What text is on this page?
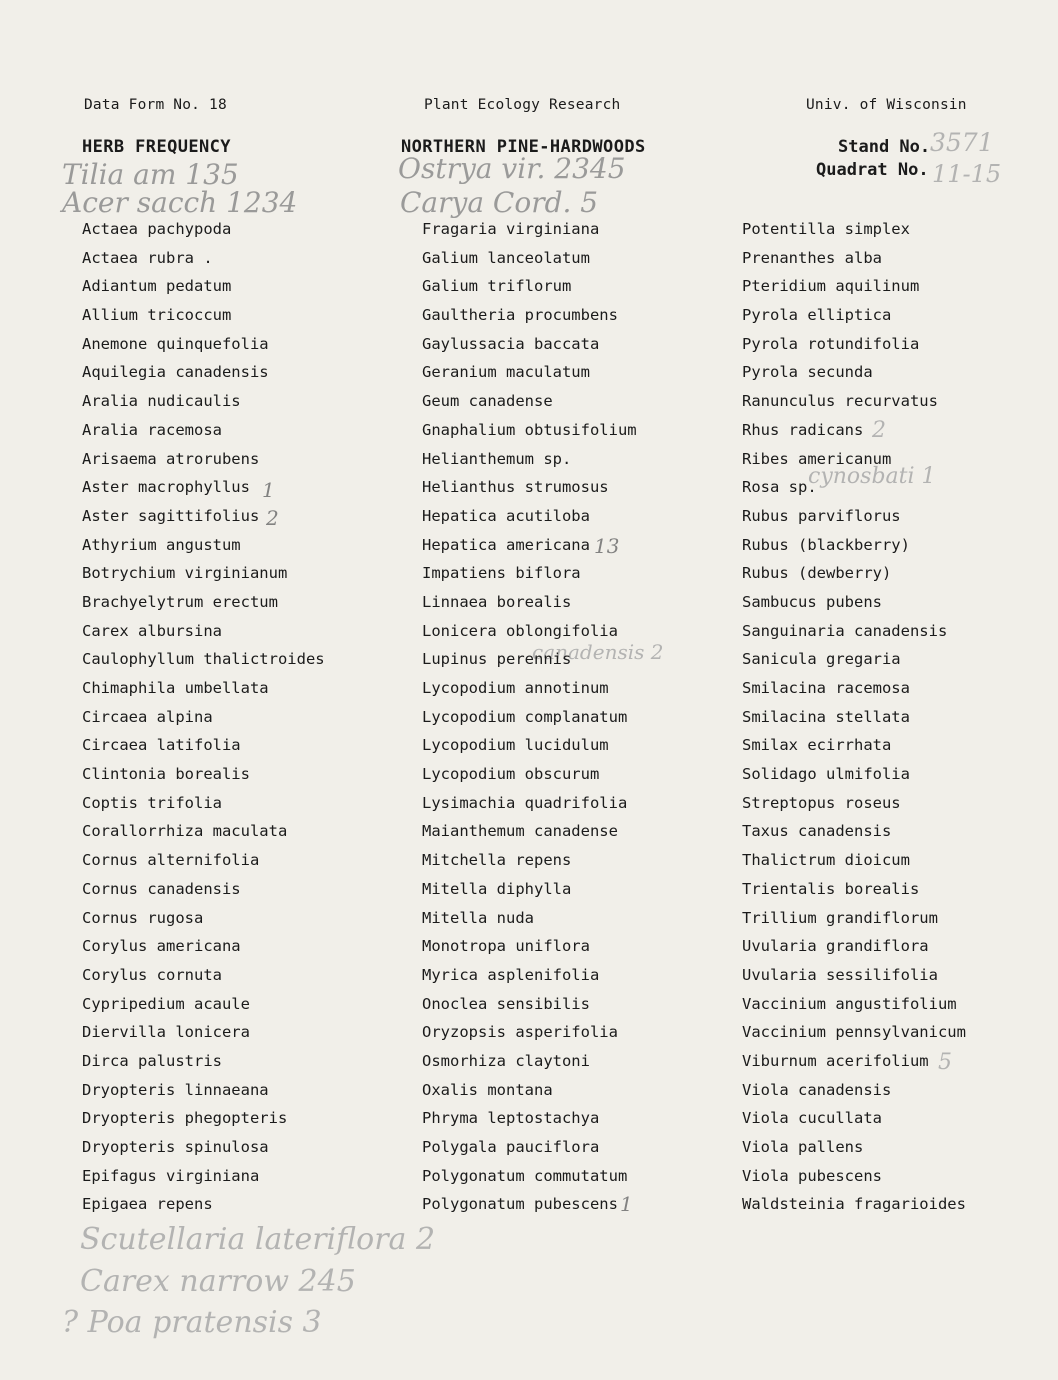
Data Form No. 18	Plant Ecology Research	Univ. of Wisconsin
HERB FREQUENCY	NORTHERN PINE-HARDWOODS	Stand No.
Quadrat No.
3571
11-15
Tilia am 135
Acer sacch 1234
Ostrya vir. 2345
Carya Cord. 5
1
2
13
canadensis 2
2
cynosbati 1
5
1
Scutellaria lateriflora 2
Carex narrow 245
? Poa pratensis 3
Actaea pachypoda
Actaea rubra .
Adiantum pedatum
Allium tricoccum
Anemone quinquefolia
Aquilegia canadensis
Aralia nudicaulis
Aralia racemosa
Arisaema atrorubens
Aster macrophyllus
Aster sagittifolius
Athyrium angustum
Botrychium virginianum
Brachyelytrum erectum
Carex albursina
Caulophyllum thalictroides
Chimaphila umbellata
Circaea alpina
Circaea latifolia
Clintonia borealis
Coptis trifolia
Corallorrhiza maculata
Cornus alternifolia
Cornus canadensis
Cornus rugosa
Corylus americana
Corylus cornuta
Cypripedium acaule
Diervilla lonicera
Dirca palustris
Dryopteris linnaeana
Dryopteris phegopteris
Dryopteris spinulosa
Epifagus virginiana
Epigaea repens
Fragaria virginiana
Galium lanceolatum
Galium triflorum
Gaultheria procumbens
Gaylussacia baccata
Geranium maculatum
Geum canadense
Gnaphalium obtusifolium
Helianthemum sp.
Helianthus strumosus
Hepatica acutiloba
Hepatica americana
Impatiens biflora
Linnaea borealis
Lonicera oblongifolia
Lupinus perennis
Lycopodium annotinum
Lycopodium complanatum
Lycopodium lucidulum
Lycopodium obscurum
Lysimachia quadrifolia
Maianthemum canadense
Mitchella repens
Mitella diphylla
Mitella nuda
Monotropa uniflora
Myrica asplenifolia
Onoclea sensibilis
Oryzopsis asperifolia
Osmorhiza claytoni
Oxalis montana
Phryma leptostachya
Polygala pauciflora
Polygonatum commutatum
Polygonatum pubescens
Potentilla simplex
Prenanthes alba
Pteridium aquilinum
Pyrola elliptica
Pyrola rotundifolia
Pyrola secunda
Ranunculus recurvatus
Rhus radicans
Ribes americanum
Rosa sp.
Rubus parviflorus
Rubus (blackberry)
Rubus (dewberry)
Sambucus pubens
Sanguinaria canadensis
Sanicula gregaria
Smilacina racemosa
Smilacina stellata
Smilax ecirrhata
Solidago ulmifolia
Streptopus roseus
Taxus canadensis
Thalictrum dioicum
Trientalis borealis
Trillium grandiflorum
Uvularia grandiflora
Uvularia sessilifolia
Vaccinium angustifolium
Vaccinium pennsylvanicum
Viburnum acerifolium
Viola canadensis
Viola cucullata
Viola pallens
Viola pubescens
Waldsteinia fragarioides
